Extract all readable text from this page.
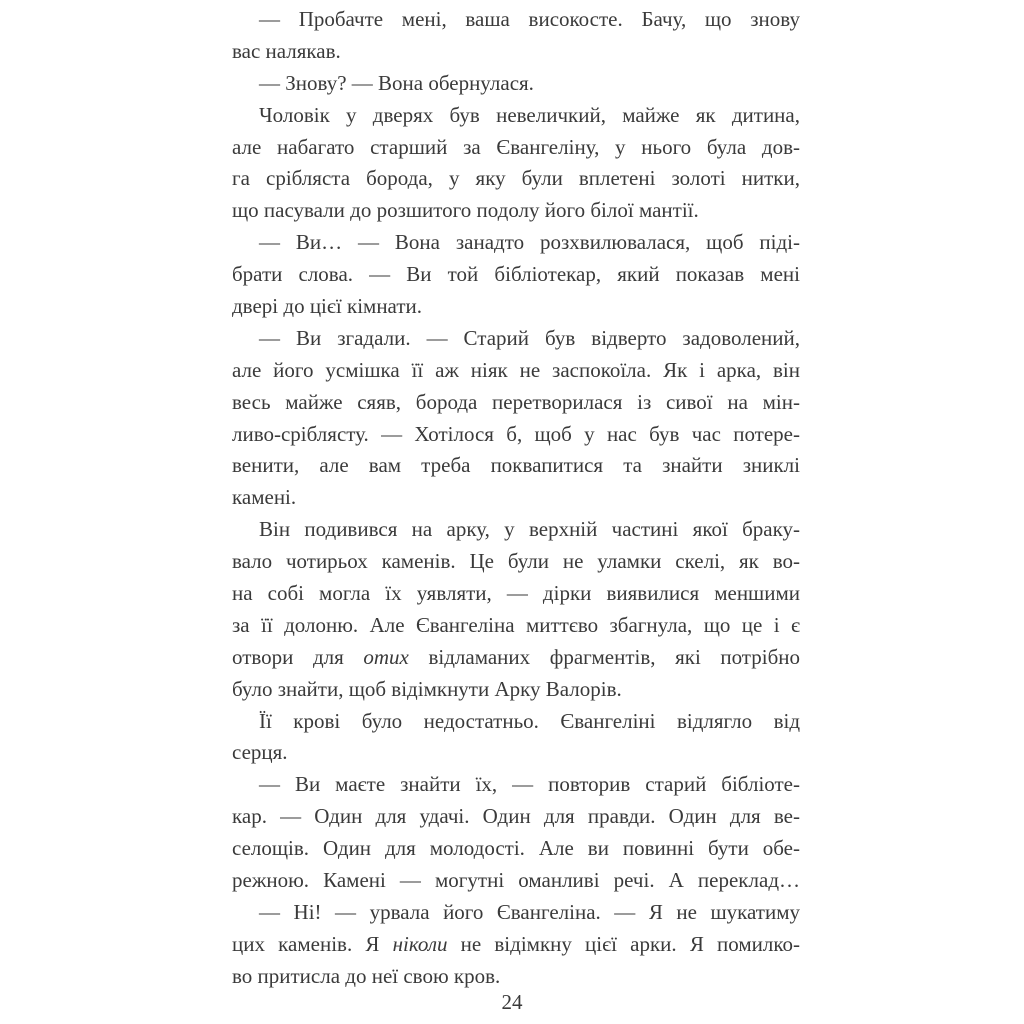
— Пробачте мені, ваша високосте. Бачу, що знову
вас налякав.
— Знову? — Вона обернулася.
Чоловік у дверях був невеличкий, майже як дитина,
але набагато старший за Євангеліну, у нього була дов-
га срібляста борода, у яку були вплетені золоті нитки,
що пасували до розшитого подолу його білої мантії.
— Ви… — Вона занадто розхвилювалася, щоб піді-
брати слова. — Ви той бібліотекар, який показав мені
двері до цієї кімнати.
— Ви згадали. — Старий був відверто задоволений,
але його усмішка її аж ніяк не заспокоїла. Як і арка, він
весь майже сяяв, борода перетворилася із сивої на мін-
ливо-сріблясту. — Хотілося б, щоб у нас був час потере-
венити, але вам треба поквапитися та знайти зниклі
камені.
Він подивився на арку, у верхній частині якої браку-
вало чотирьох каменів. Це були не уламки скелі, як во-
на собі могла їх уявляти, — дірки виявилися меншими
за її долоню. Але Євангеліна миттєво збагнула, що це і є
отвори для отих відламаних фрагментів, які потрібно
було знайти, щоб відімкнути Арку Валорів.
Її крові було недостатньо. Євангеліні відлягло від
серця.
— Ви маєте знайти їх, — повторив старий бібліоте-
кар. — Один для удачі. Один для правди. Один для ве-
селощів. Один для молодості. Але ви повинні бути обе-
режною. Камені — могутні оманливі речі. А переклад…
— Ні! — урвала його Євангеліна. — Я не шукатиму
цих каменів. Я ніколи не відімкну цієї арки. Я помилко-
во притисла до неї свою кров.
24
